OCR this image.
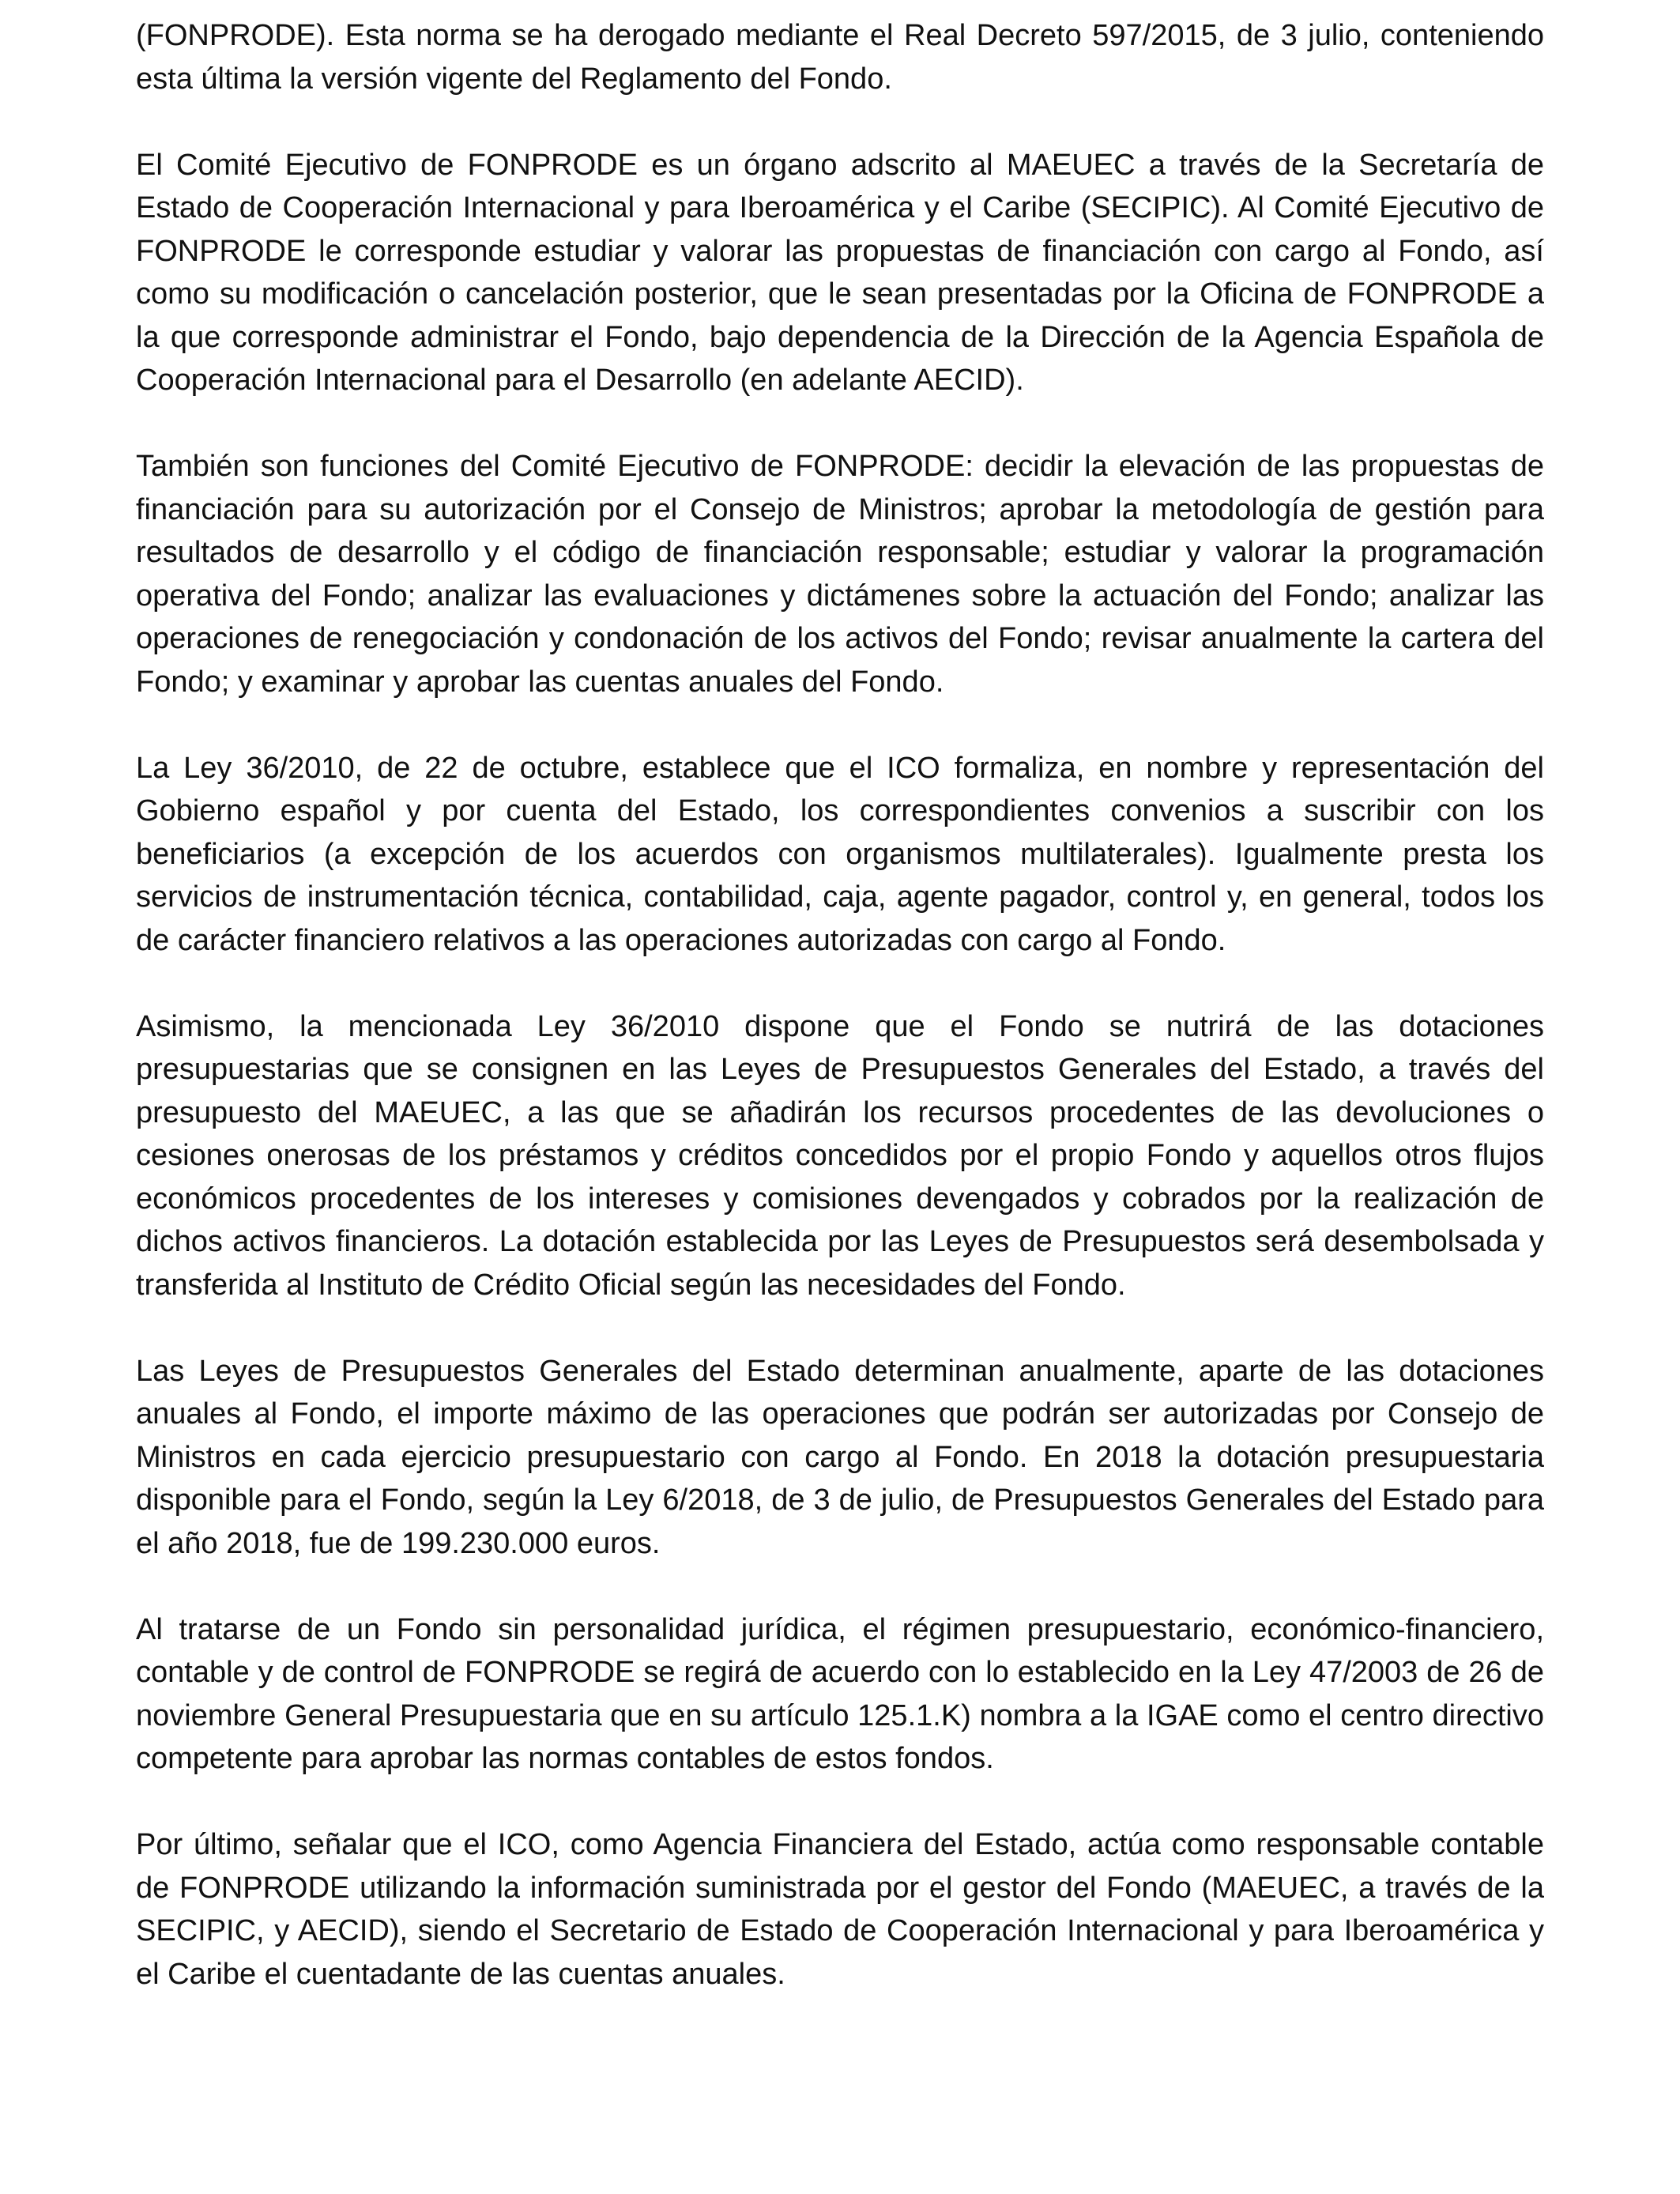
(FONPRODE). Esta norma se ha derogado mediante el Real Decreto 597/2015, de 3 julio, conteniendo esta última la versión vigente del Reglamento del Fondo.

El Comité Ejecutivo de FONPRODE es un órgano adscrito al MAEUEC a través de la Secretaría de Estado de Cooperación Internacional y para Iberoamérica y el Caribe (SECIPIC). Al Comité Ejecutivo de FONPRODE le corresponde estudiar y valorar las propuestas de financiación con cargo al Fondo, así como su modificación o cancelación posterior, que le sean presentadas por la Oficina de FONPRODE a la que corresponde administrar el Fondo, bajo dependencia de la Dirección de la Agencia Española de Cooperación Internacional para el Desarrollo (en adelante AECID).

También son funciones del Comité Ejecutivo de FONPRODE: decidir la elevación de las propuestas de financiación para su autorización por el Consejo de Ministros; aprobar la metodología de gestión para resultados de desarrollo y el código de financiación responsable; estudiar y valorar la programación operativa del Fondo; analizar las evaluaciones y dictámenes sobre la actuación del Fondo; analizar las operaciones de renegociación y condonación de los activos del Fondo; revisar anualmente la cartera del Fondo; y examinar y aprobar las cuentas anuales del Fondo.

La Ley 36/2010, de 22 de octubre, establece que el ICO formaliza, en nombre y representación del Gobierno español y por cuenta del Estado, los correspondientes convenios a suscribir con los beneficiarios (a excepción de los acuerdos con organismos multilaterales). Igualmente presta los servicios de instrumentación técnica, contabilidad, caja, agente pagador, control y, en general, todos los de carácter financiero relativos a las operaciones autorizadas con cargo al Fondo.

Asimismo, la mencionada Ley 36/2010 dispone que el Fondo se nutrirá de las dotaciones presupuestarias que se consignen en las Leyes de Presupuestos Generales del Estado, a través del presupuesto del MAEUEC, a las que se añadirán los recursos procedentes de las devoluciones o cesiones onerosas de los préstamos y créditos concedidos por el propio Fondo y aquellos otros flujos económicos procedentes de los intereses y comisiones devengados y cobrados por la realización de dichos activos financieros. La dotación establecida por las Leyes de Presupuestos será desembolsada y transferida al Instituto de Crédito Oficial según las necesidades del Fondo.

Las Leyes de Presupuestos Generales del Estado determinan anualmente, aparte de las dotaciones anuales al Fondo, el importe máximo de las operaciones que podrán ser autorizadas por Consejo de Ministros en cada ejercicio presupuestario con cargo al Fondo. En 2018 la dotación presupuestaria disponible para el Fondo, según la Ley 6/2018, de 3 de julio, de Presupuestos Generales del Estado para el año 2018, fue de 199.230.000 euros.

Al tratarse de un Fondo sin personalidad jurídica, el régimen presupuestario, económico-financiero, contable y de control de FONPRODE se regirá de acuerdo con lo establecido en la Ley 47/2003 de 26 de noviembre General Presupuestaria que en su artículo 125.1.K) nombra a la IGAE como el centro directivo competente para aprobar las normas contables de estos fondos.

Por último, señalar que el ICO, como Agencia Financiera del Estado, actúa como responsable contable de FONPRODE utilizando la información suministrada por el gestor del Fondo (MAEUEC, a través de la SECIPIC, y AECID), siendo el Secretario de Estado de Cooperación Internacional y para Iberoamérica y el Caribe el cuentadante de las cuentas anuales.
